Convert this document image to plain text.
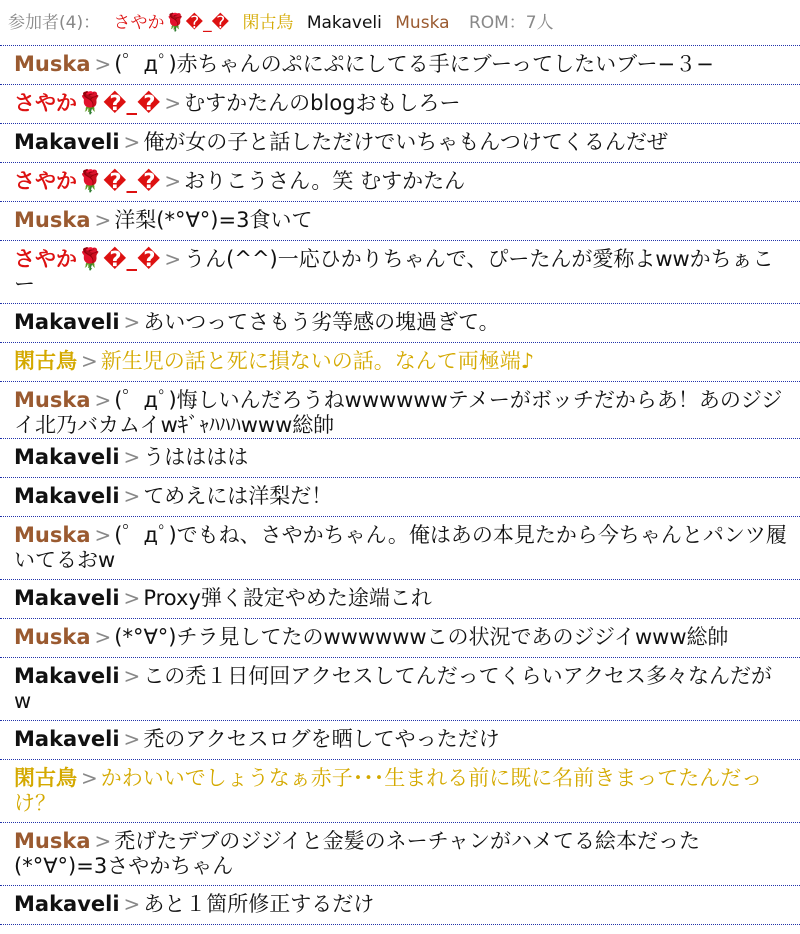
参加者(4)： さやか🌹�_� 閑古鳥 Makaveli Muska ROM：7人
Muska > (゜дﾟ)赤ちゃんのぷにぷにしてる手にブーってしたいブー−３−
さやか🌹�_� > むすかたんのblogおもしろー
Makaveli > 俺が女の子と話しただけでいちゃもんつけてくるんだぜ
さやか🌹�_� > おりこうさん。笑 むすかたん
Muska > 洋梨(*°∀°)=3食いて
さやか🌹�_� > うん(^^)一応ひかりちゃんで、ぴーたんが愛称よwwかちぁこー
Makaveli > あいつってさもう劣等感の塊過ぎて。
閑古鳥 > 新生児の話と死に損ないの話。なんて両極端♪
Muska > (゜дﾟ)悔しいんだろうねwwwwwwテメーがボッチだからあ！あのジジイ北乃バカムイwｷﾞｬﾊﾊﾊwww総帥
Makaveli > うはははは
Makaveli > てめえには洋梨だ！
Muska > (゜дﾟ)でもね、さやかちゃん。俺はあの本見たから今ちゃんとパンツ履いてるおw
Makaveli > Proxy弾く設定やめた途端これ
Muska > (*°∀°)チラ見してたのwwwwwwこの状況であのジジイwww総帥
Makaveli > この禿１日何回アクセスしてんだってくらいアクセス多々なんだがw
Makaveli > 禿のアクセスログを晒してやっただけ
閑古鳥 > かわいいでしょうなぁ赤子･･･生まれる前に既に名前きまってたんだっけ？
Muska > 禿げたデブのジジイと金髪のネーチャンがハメてる絵本だった(*°∀°)=3さやかちゃん
Makaveli > あと１箇所修正するだけ
